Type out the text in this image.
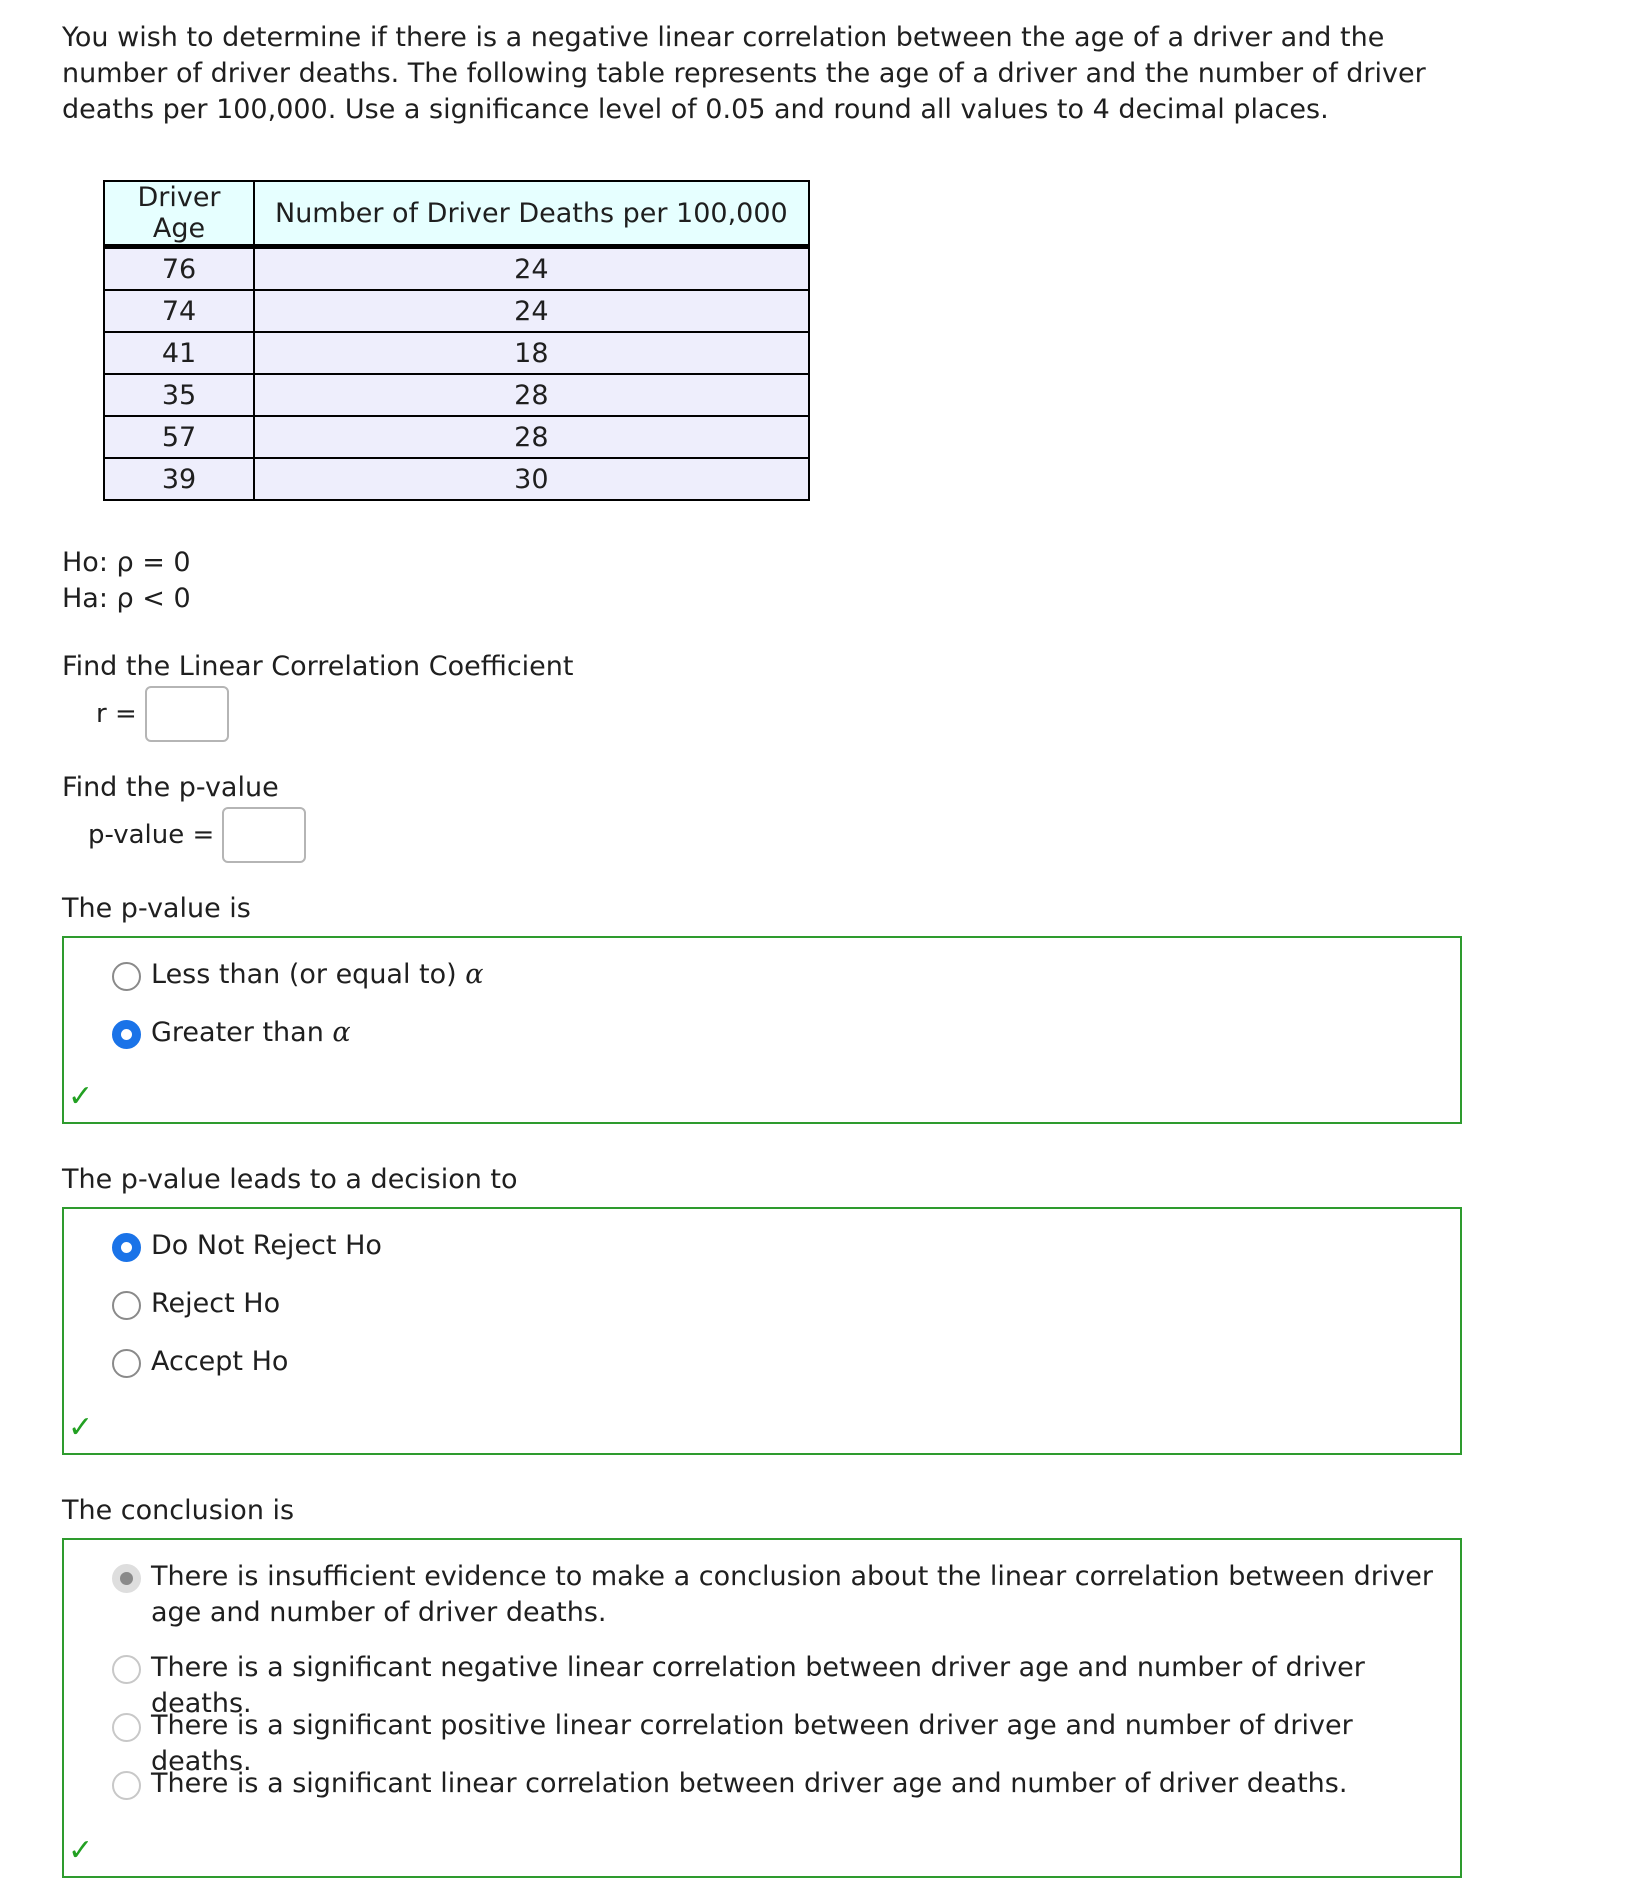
You wish to determine if there is a negative linear correlation between the age of a driver and the number of driver deaths. The following table represents the age of a driver and the number of driver deaths per 100,000. Use a significance level of 0.05 and round all values to 4 decimal places.

Driver Age	Number of Driver Deaths per 100,000
76	24
74	24
41	18
35	28
57	28
39	30
Ho: ρ = 0
Ha: ρ < 0

Find the Linear Correlation Coefficient

r =

Find the p-value

p-value =

The p-value is

Less than (or equal to) α
Greater than α
✓

The p-value leads to a decision to

Do Not Reject Ho
Reject Ho
Accept Ho
✓

The conclusion is

There is insufficient evidence to make a conclusion about the linear correlation between driver age and number of driver deaths.
There is a significant negative linear correlation between driver age and number of driver deaths.
There is a significant positive linear correlation between driver age and number of driver deaths.
There is a significant linear correlation between driver age and number of driver deaths.
✓
